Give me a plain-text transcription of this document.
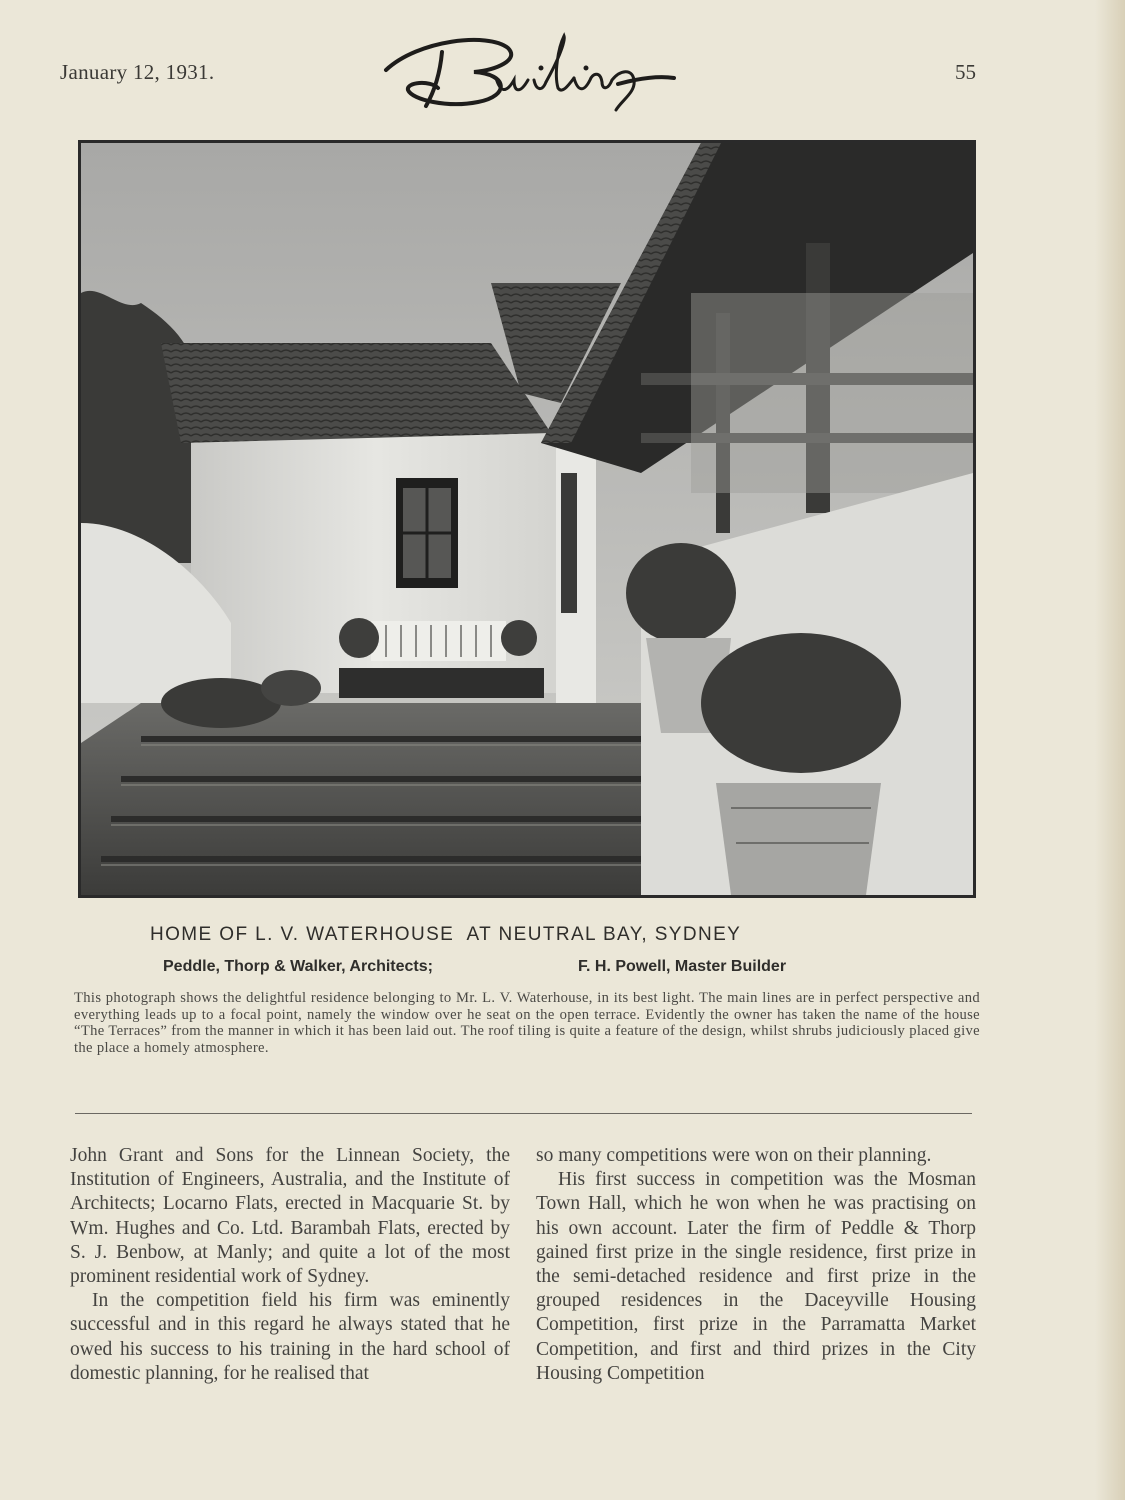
January 12, 1931.	55
HOME OF L. V. WATERHOUSE  AT NEUTRAL BAY, SYDNEY
Peddle, Thorp & Walker, Architects;	F. H. Powell, Master Builder
This photograph shows the delightful residence belonging to Mr. L. V. Waterhouse, in its best light. The main lines are in perfect perspective and everything leads up to a focal point, namely the window over he seat on the open terrace. Evidently the owner has taken the name of the house “The Terraces” from the manner in which it has been laid out. The roof tiling is quite a feature of the design, whilst shrubs judiciously placed give the place a homely atmosphere.

John Grant and Sons for the Linnean Society, the Institution of Engineers, Australia, and the Institute of Architects; Locarno Flats, erected in Macquarie St. by Wm. Hughes and Co. Ltd. Barambah Flats, erected by S. J. Benbow, at Manly; and quite a lot of the most prominent residential work of Sydney.

In the competition field his firm was eminently successful and in this regard he always stated that he owed his success to his training in the hard school of domestic planning, for he realised that

so many competitions were won on their planning.

His first success in competition was the Mosman Town Hall, which he won when he was practising on his own account. Later the firm of Peddle & Thorp gained first prize in the single residence, first prize in the semi-detached residence and first prize in the grouped residences in the Daceyville Housing Competition, first prize in the Parramatta Market Competition, and first and third prizes in the City Housing Competition
